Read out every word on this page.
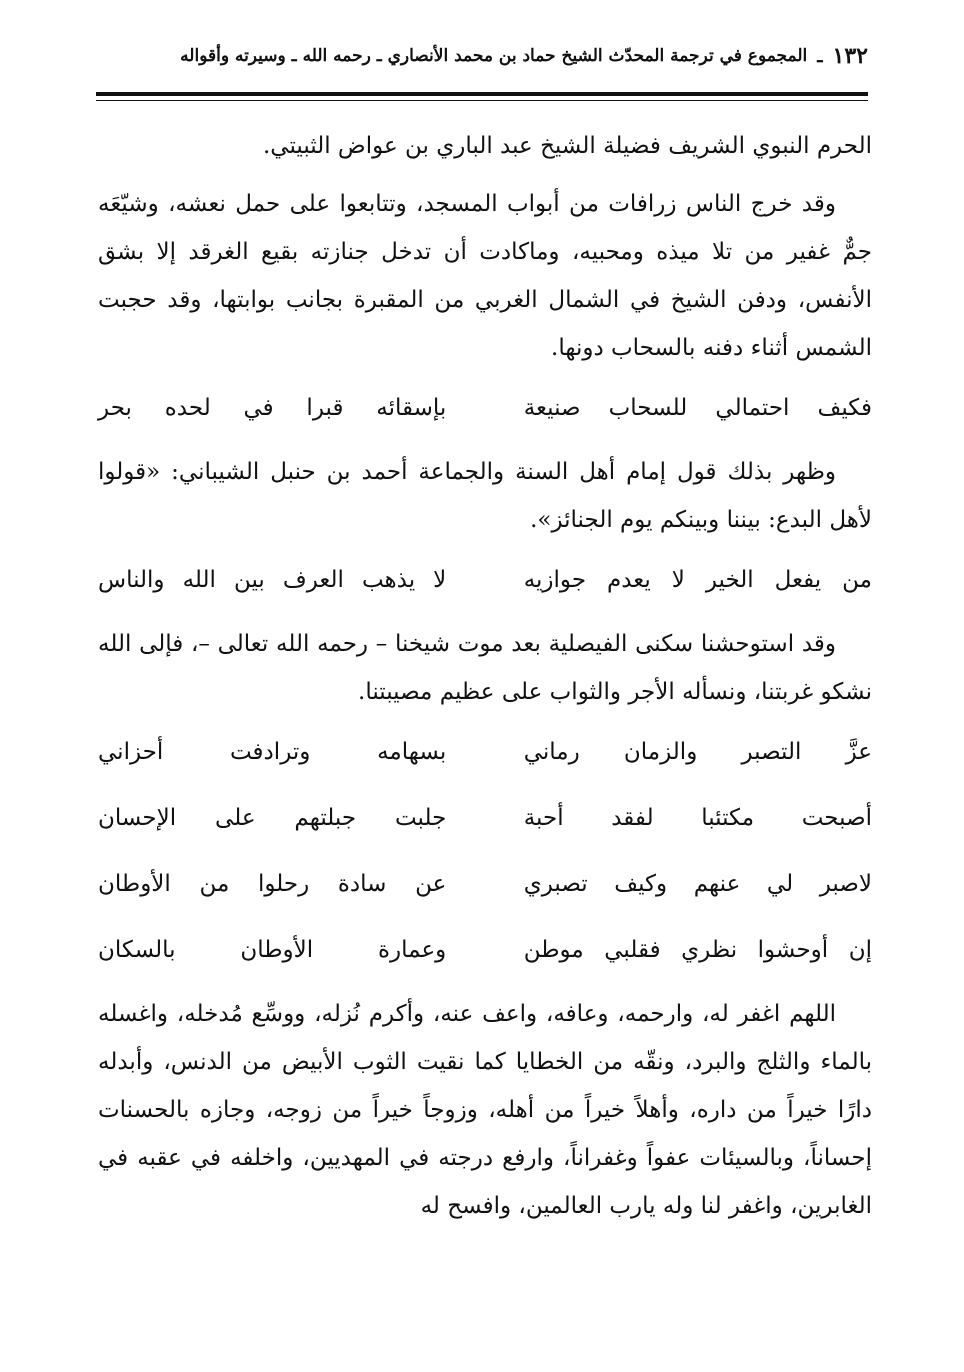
١٣٢
ـ
المجموع في ترجمة المحدّث الشيخ حماد بن محمد الأنصاري ـ رحمه الله ـ وسيرته وأقواله

الحرم النبوي الشريف فضيلة الشيخ عبد الباري بن عواض الثبيتي.

وقد خرج الناس زرافات من أبواب المسجد، وتتابعوا على حمل نعشه، وشيّعَه جمٌّ غفير من تلا ميذه ومحبيه، وماكادت أن تدخل جنازته بقيع الغرقد إلا بشق الأنفس، ودفن الشيخ في الشمال الغربي من المقبرة بجانب بوابتها، وقد حجبت الشمس أثناء دفنه بالسحاب دونها.

فكيف احتمالي للسحاب صنيعة
بإسقائه قبرا في لحده بحر

وظهر بذلك قول إمام أهل السنة والجماعة أحمد بن حنبل الشيباني: «قولوا لأهل البدع: بيننا وبينكم يوم الجنائز».

من يفعل الخير لا يعدم جوازيه
لا يذهب العرف بين الله والناس

وقد استوحشنا سكنى الفيصلية بعد موت شيخنا – رحمه الله تعالى –، فإلى الله نشكو غربتنا، ونسأله الأجر والثواب على عظيم مصيبتنا.

عزَّ التصبر والزمان رماني
بسهامه وترادفت أحزاني
أصبحت مكتئبا لفقد أحبة
جلبت جبلتهم على الإحسان
لاصبر لي عنهم وكيف تصبري
عن سادة رحلوا من الأوطان
إن أوحشوا نظري فقلبي موطن
وعمارة الأوطان بالسكان

اللهم اغفر له، وارحمه، وعافه، واعف عنه، وأكرم نُزله، ووسِّع مُدخله، واغسله بالماء والثلج والبرد، ونقّه من الخطايا كما نقيت الثوب الأبيض من الدنس، وأبدله دارًا خيراً من داره، وأهلاً خيراً من أهله، وزوجاً خيراً من زوجه، وجازه بالحسنات إحساناً، وبالسيئات عفواً وغفراناً، وارفع درجته في المهديين، واخلفه في عقبه في الغابرين، واغفر لنا وله يارب العالمين، وافسح له
